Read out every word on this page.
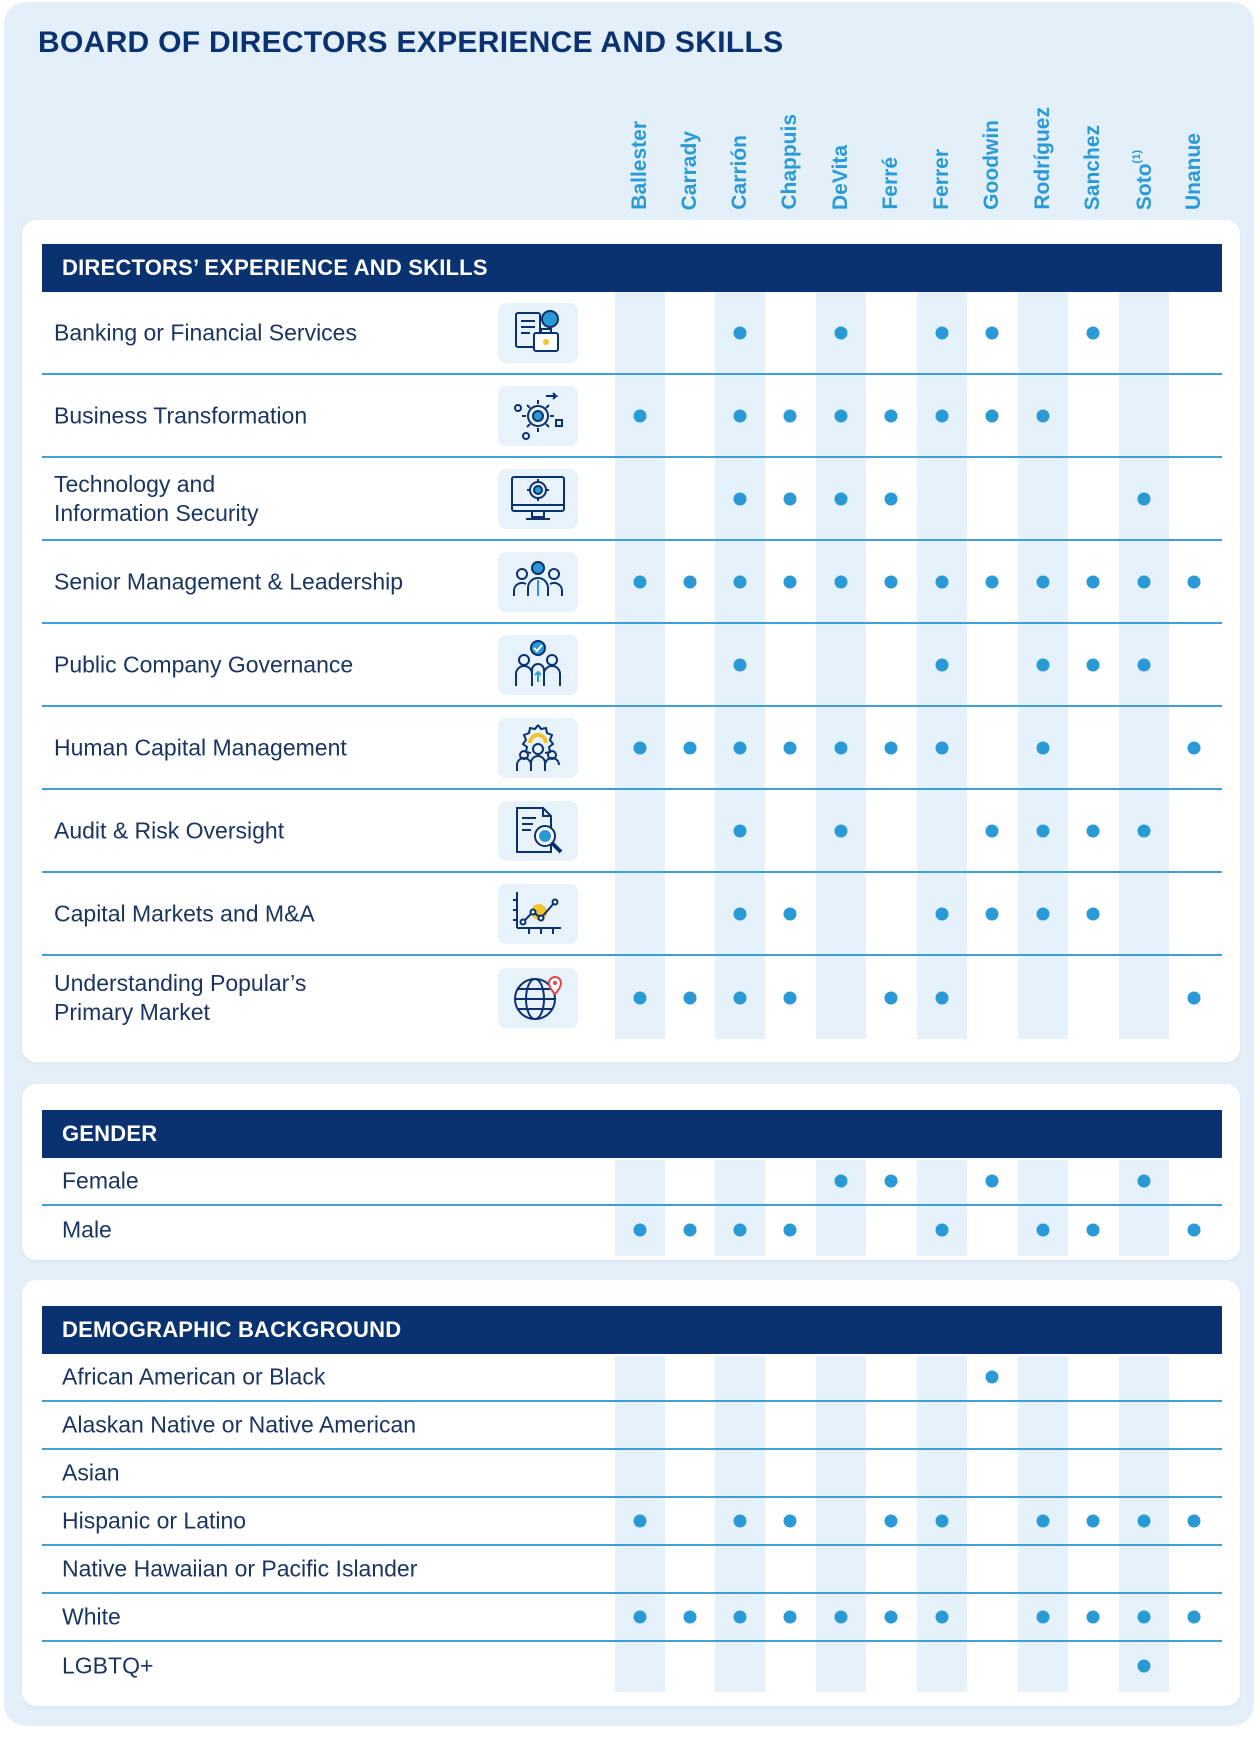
BOARD OF DIRECTORS EXPERIENCE AND SKILLS
Ballester Carrady Carrión Chappuis DeVita Ferré Ferrer Goodwin Rodríguez Sanchez Soto$^{(1)}$	Unanue
DIRECTORS’ EXPERIENCE AND SKILLS
Banking or Financial Services
Business Transformation
Technology and
Information Security
Senior Management & Leadership
Public Company Governance
Human Capital Management
Audit & Risk Oversight
Capital Markets and M&A
Understanding Popular’s
Primary Market
GENDER
Female
Male
DEMOGRAPHIC BACKGROUND
African American or Black
Alaskan Native or Native American
Asian
Hispanic or Latino
Native Hawaiian or Pacific Islander
White
LGBTQ+
